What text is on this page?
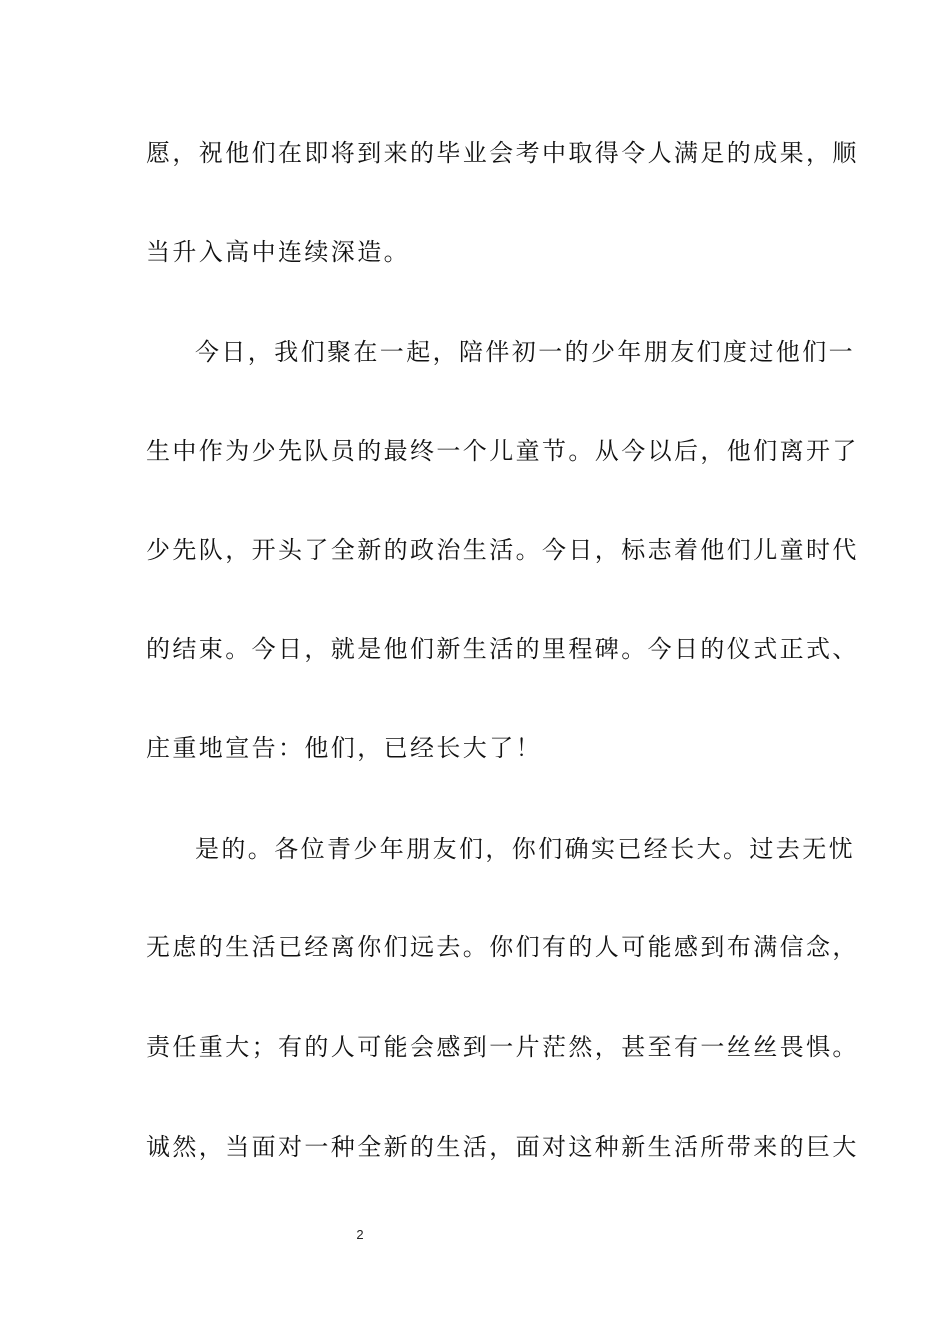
愿，祝他们在即将到来的毕业会考中取得令人满足的成果，顺
当升入高中连续深造。
今日，我们聚在一起，陪伴初一的少年朋友们度过他们一
生中作为少先队员的最终一个儿童节。从今以后，他们离开了
少先队，开头了全新的政治生活。今日，标志着他们儿童时代
的结束。今日，就是他们新生活的里程碑。今日的仪式正式、
庄重地宣告：他们，已经长大了！
是的。各位青少年朋友们，你们确实已经长大。过去无忧
无虑的生活已经离你们远去。你们有的人可能感到布满信念，
责任重大；有的人可能会感到一片茫然，甚至有一丝丝畏惧。
诚然，当面对一种全新的生活，面对这种新生活所带来的巨大
2
